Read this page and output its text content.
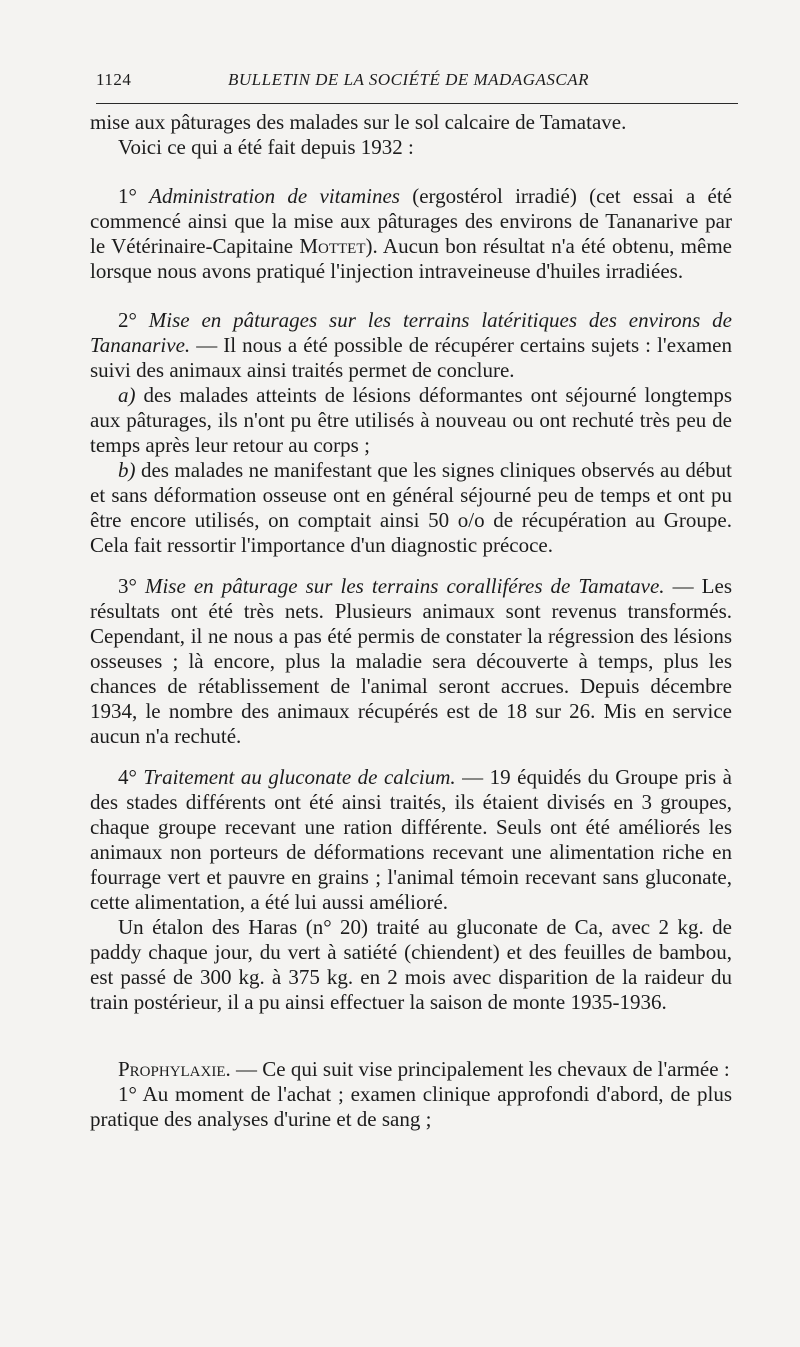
1124	BULLETIN DE LA SOCIÉTÉ DE MADAGASCAR

mise aux pâturages des malades sur le sol calcaire de Tamatave.

Voici ce qui a été fait depuis 1932 :

1° Administration de vitamines (ergostérol irradié) (cet essai a été commencé ainsi que la mise aux pâturages des environs de Tananarive par le Vétérinaire-Capitaine Mottet). Aucun bon résultat n'a été obtenu, même lorsque nous avons pratiqué l'injection intraveineuse d'huiles irradiées.

2° Mise en pâturages sur les terrains latéritiques des environs de Tananarive. — Il nous a été possible de récupérer certains sujets : l'examen suivi des animaux ainsi traités permet de conclure.

a) des malades atteints de lésions déformantes ont séjourné longtemps aux pâturages, ils n'ont pu être utilisés à nouveau ou ont rechuté très peu de temps après leur retour au corps ;

b) des malades ne manifestant que les signes cliniques observés au début et sans déformation osseuse ont en général séjourné peu de temps et ont pu être encore utilisés, on comptait ainsi 50 o/o de récupération au Groupe. Cela fait ressortir l'importance d'un diagnostic précoce.

3° Mise en pâturage sur les terrains coralliféres de Tamatave. — Les résultats ont été très nets. Plusieurs animaux sont revenus transformés. Cependant, il ne nous a pas été permis de constater la régression des lésions osseuses ; là encore, plus la maladie sera découverte à temps, plus les chances de rétablissement de l'animal seront accrues. Depuis décembre 1934, le nombre des animaux récupérés est de 18 sur 26. Mis en service aucun n'a rechuté.

4° Traitement au gluconate de calcium. — 19 équidés du Groupe pris à des stades différents ont été ainsi traités, ils étaient divisés en 3 groupes, chaque groupe recevant une ration différente. Seuls ont été améliorés les animaux non porteurs de déformations recevant une alimentation riche en fourrage vert et pauvre en grains ; l'animal témoin recevant sans gluconate, cette alimentation, a été lui aussi amélioré.

Un étalon des Haras (n° 20) traité au gluconate de Ca, avec 2 kg. de paddy chaque jour, du vert à satiété (chiendent) et des feuilles de bambou, est passé de 300 kg. à 375 kg. en 2 mois avec disparition de la raideur du train postérieur, il a pu ainsi effectuer la saison de monte 1935-1936.

Prophylaxie. — Ce qui suit vise principalement les chevaux de l'armée :

1° Au moment de l'achat ; examen clinique approfondi d'abord, de plus pratique des analyses d'urine et de sang ;
